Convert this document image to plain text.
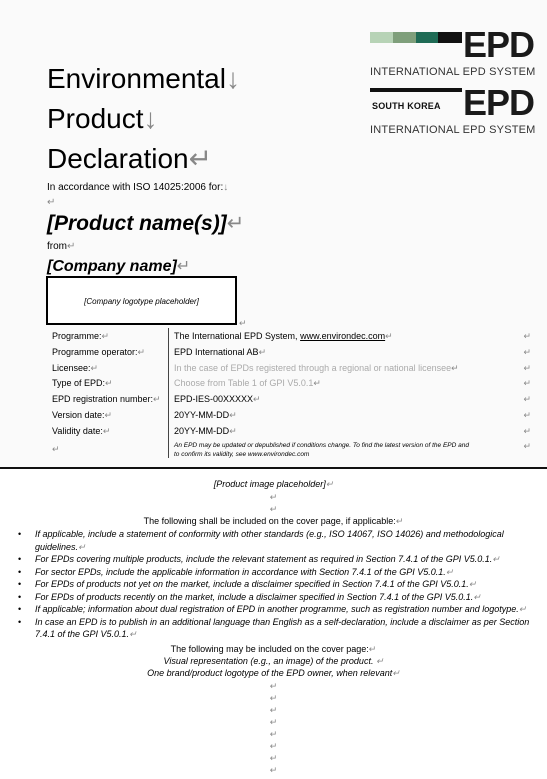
EPD
INTERNATIONAL EPD SYSTEM
SOUTH KOREA EPD
INTERNATIONAL EPD SYSTEM
Environmental↓
Product↓
Declaration↵
In accordance with ISO 14025:2006 for:↓
↵
[Product name(s)]↵
from↵
[Company name]↵
[Company logotype placeholder]
↵
Programme:↵	The International EPD System, www.environdec.com↵	↵
Programme operator:↵	EPD International AB↵	↵
Licensee:↵	In the case of EPDs registered through a regional or national licensee↵	↵
Type of EPD:↵	Choose from Table 1 of GPI V5.0.1↵	↵
EPD registration number:↵ EPD-IES-00XXXXX↵	↵
Version date:↵	20YY-MM-DD↵	↵
Validity date:↵	20YY-MM-DD↵	↵
↵	An EPD may be updated or depublished if conditions change. To find the latest version of the EPD and
to confirm its validity, see www.environdec.com
↵
[Product image placeholder]↵
↵
↵
The following shall be included on the cover page, if applicable:↵
• If applicable, include a statement of conformity with other standards (e.g., ISO 14067, ISO 14026) and methodological guidelines.↵
• For EPDs covering multiple products, include the relevant statement as required in Section 7.4.1 of the GPI V5.0.1.↵
• For sector EPDs, include the applicable information in accordance with Section 7.4.1 of the GPI V5.0.1.↵
• For EPDs of products not yet on the market, include a disclaimer specified in Section 7.4.1 of the GPI V5.0.1.↵
• For EPDs of products recently on the market, include a disclaimer specified in Section 7.4.1 of the GPI V5.0.1.↵
• If applicable; information about dual registration of EPD in another programme, such as registration number and logotype.↵
• In case an EPD is to publish in an additional language than English as a self-declaration, include a disclaimer as per Section 7.4.1 of the GPI V5.0.1.↵
The following may be included on the cover page:↵
Visual representation (e.g., an image) of the product. ↵
One brand/product logotype of the EPD owner, when relevant↵
↵
↵
↵
↵
↵
↵
↵
↵
